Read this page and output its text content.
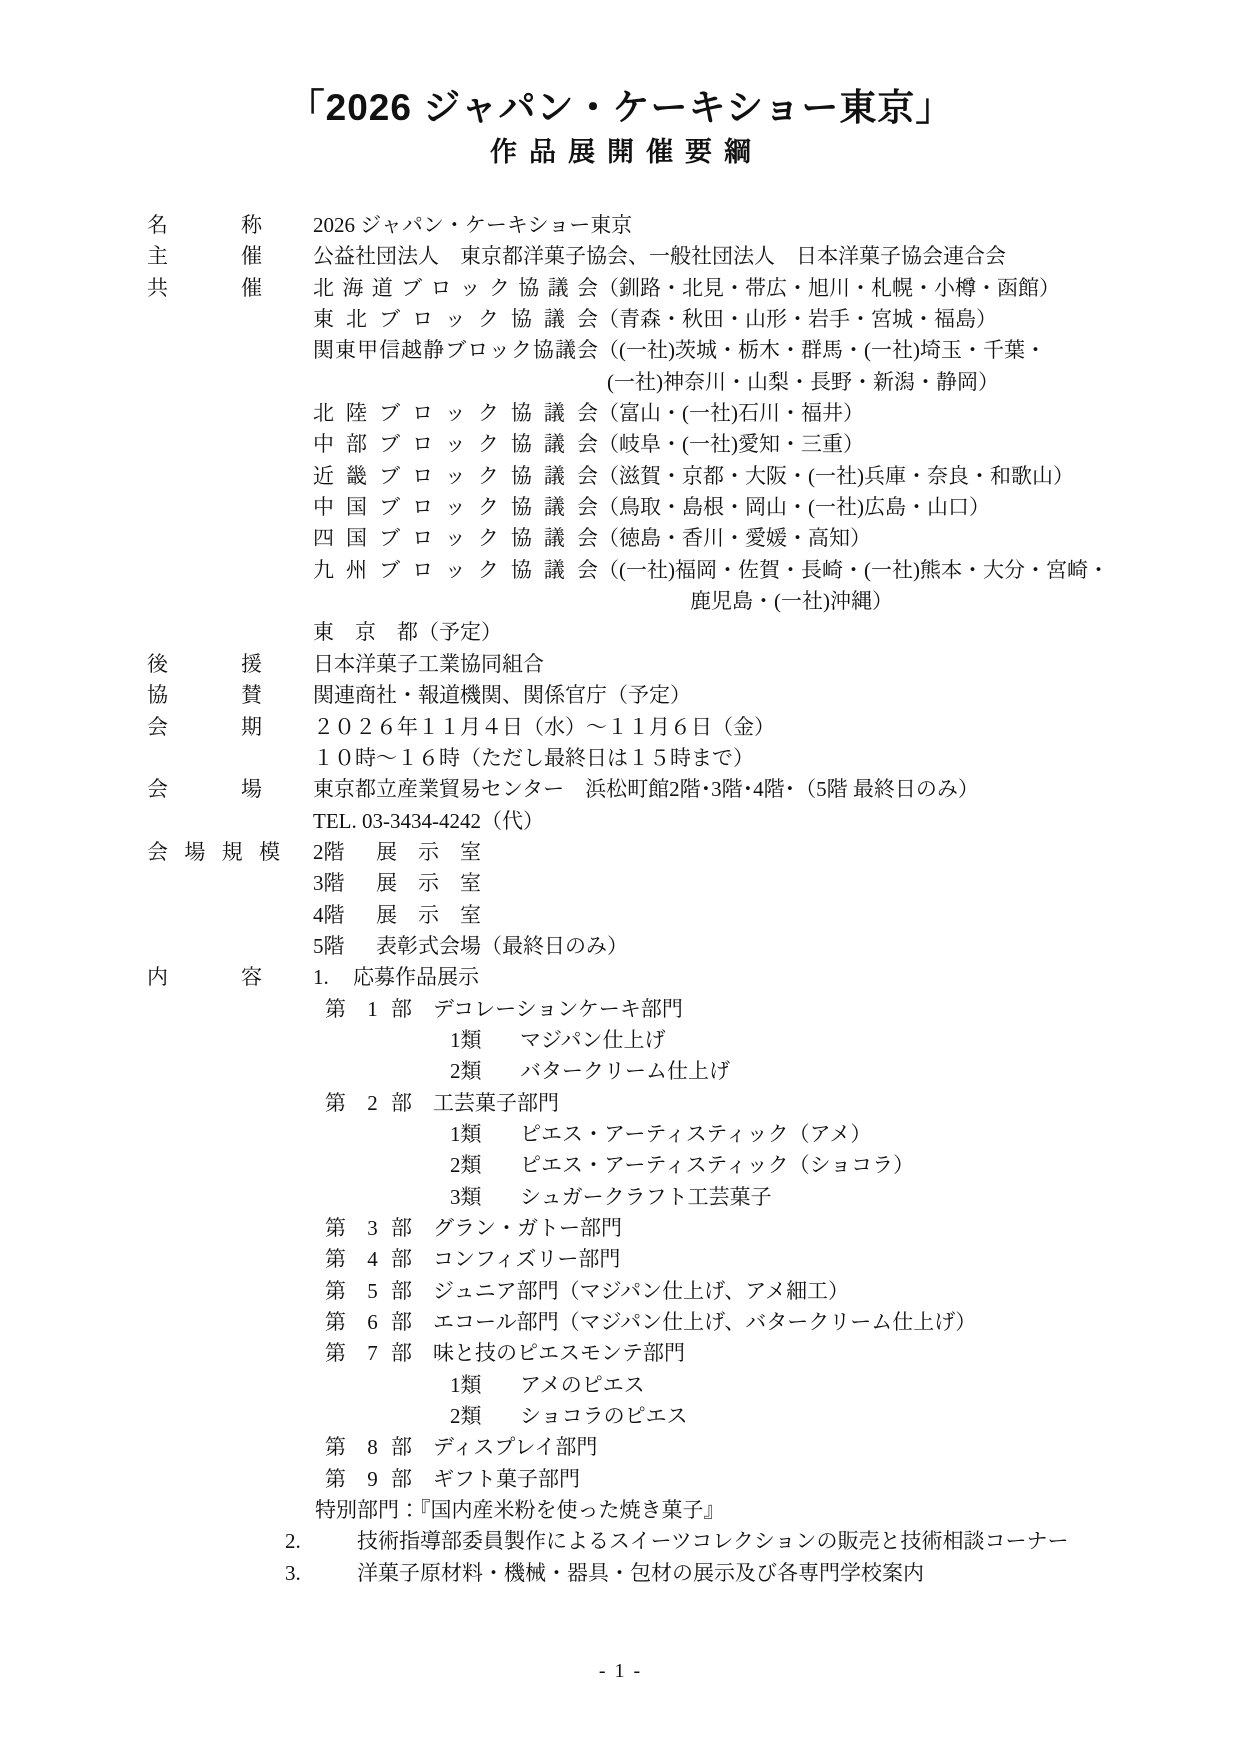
「2026 ジャパン・ケーキショー東京」
作品展開催要綱
名称 2026 ジャパン・ケーキショー東京
主催 公益社団法人　東京都洋菓子協会、一般社団法人　日本洋菓子協会連合会
共催 北海道ブロック協議会（釧路・北見・帯広・旭川・札幌・小樽・函館）
東北ブロック協議会（青森・秋田・山形・岩手・宮城・福島）
関東甲信越静ブロック協議会（(一社)茨城・栃木・群馬・(一社)埼玉・千葉・
(一社)神奈川・山梨・長野・新潟・静岡）
北陸ブロック協議会（富山・(一社)石川・福井）
中部ブロック協議会（岐阜・(一社)愛知・三重）
近畿ブロック協議会（滋賀・京都・大阪・(一社)兵庫・奈良・和歌山）
中国ブロック協議会（鳥取・島根・岡山・(一社)広島・山口）
四国ブロック協議会（徳島・香川・愛媛・高知）
九州ブロック協議会（(一社)福岡・佐賀・長崎・(一社)熊本・大分・宮崎・
鹿児島・(一社)沖縄）
東　京　都（予定）
後援 日本洋菓子工業協同組合
協賛 関連商社・報道機関、関係官庁（予定）
会期 ２０２６年１１月４日（水）～１１月６日（金）
１０時～１６時（ただし最終日は１５時まで）
会場 東京都立産業貿易センター　浜松町館2階･3階･4階･（5階 最終日のみ）
TEL. 03-3434-4242（代）
会場規模 2階 展　示　室
3階 展　示　室
4階 展　示　室
5階 表彰式会場（最終日のみ）
内容 1. 応募作品展示
第 1 部 デコレーションケーキ部門
1類 マジパン仕上げ
2類 バタークリーム仕上げ
第 2 部 工芸菓子部門
1類 ピエス・アーティスティック（アメ）
2類 ピエス・アーティスティック（ショコラ）
3類 シュガークラフト工芸菓子
第 3 部 グラン・ガトー部門
第 4 部 コンフィズリー部門
第 5 部 ジュニア部門（マジパン仕上げ、アメ細工）
第 6 部 エコール部門（マジパン仕上げ、バタークリーム仕上げ）
第 7 部 味と技のピエスモンテ部門
1類 アメのピエス
2類 ショコラのピエス
第 8 部 ディスプレイ部門
第 9 部 ギフト菓子部門
特別部門：『国内産米粉を使った焼き菓子』
2.	技術指導部委員製作によるスイーツコレクションの販売と技術相談コーナー
3.	洋菓子原材料・機械・器具・包材の展示及び各専門学校案内
- 1 -
